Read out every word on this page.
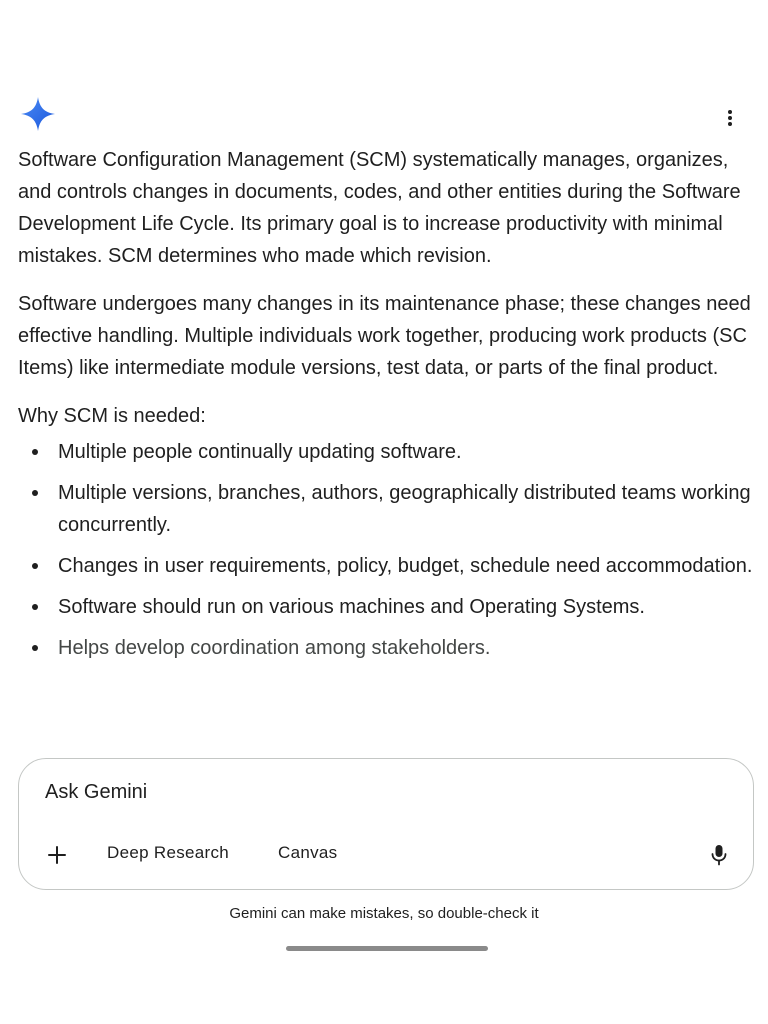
Software Configuration Management (SCM) systematically manages, organizes, and controls changes in documents, codes, and other entities during the Software Development Life Cycle. Its primary goal is to increase productivity with minimal mistakes. SCM determines who made which revision.

Software undergoes many changes in its maintenance phase; these changes need effective handling. Multiple individuals work together, producing work products (SC Items) like intermediate module versions, test data, or parts of the final product.

Why SCM is needed:

Multiple people continually updating software.
Multiple versions, branches, authors, geographically distributed teams working concurrently.
Changes in user requirements, policy, budget, schedule need accommodation.
Software should run on various machines and Operating Systems.
Helps develop coordination among stakeholders.
Ask Gemini
Deep Research	Canvas
Gemini can make mistakes, so double-check it
